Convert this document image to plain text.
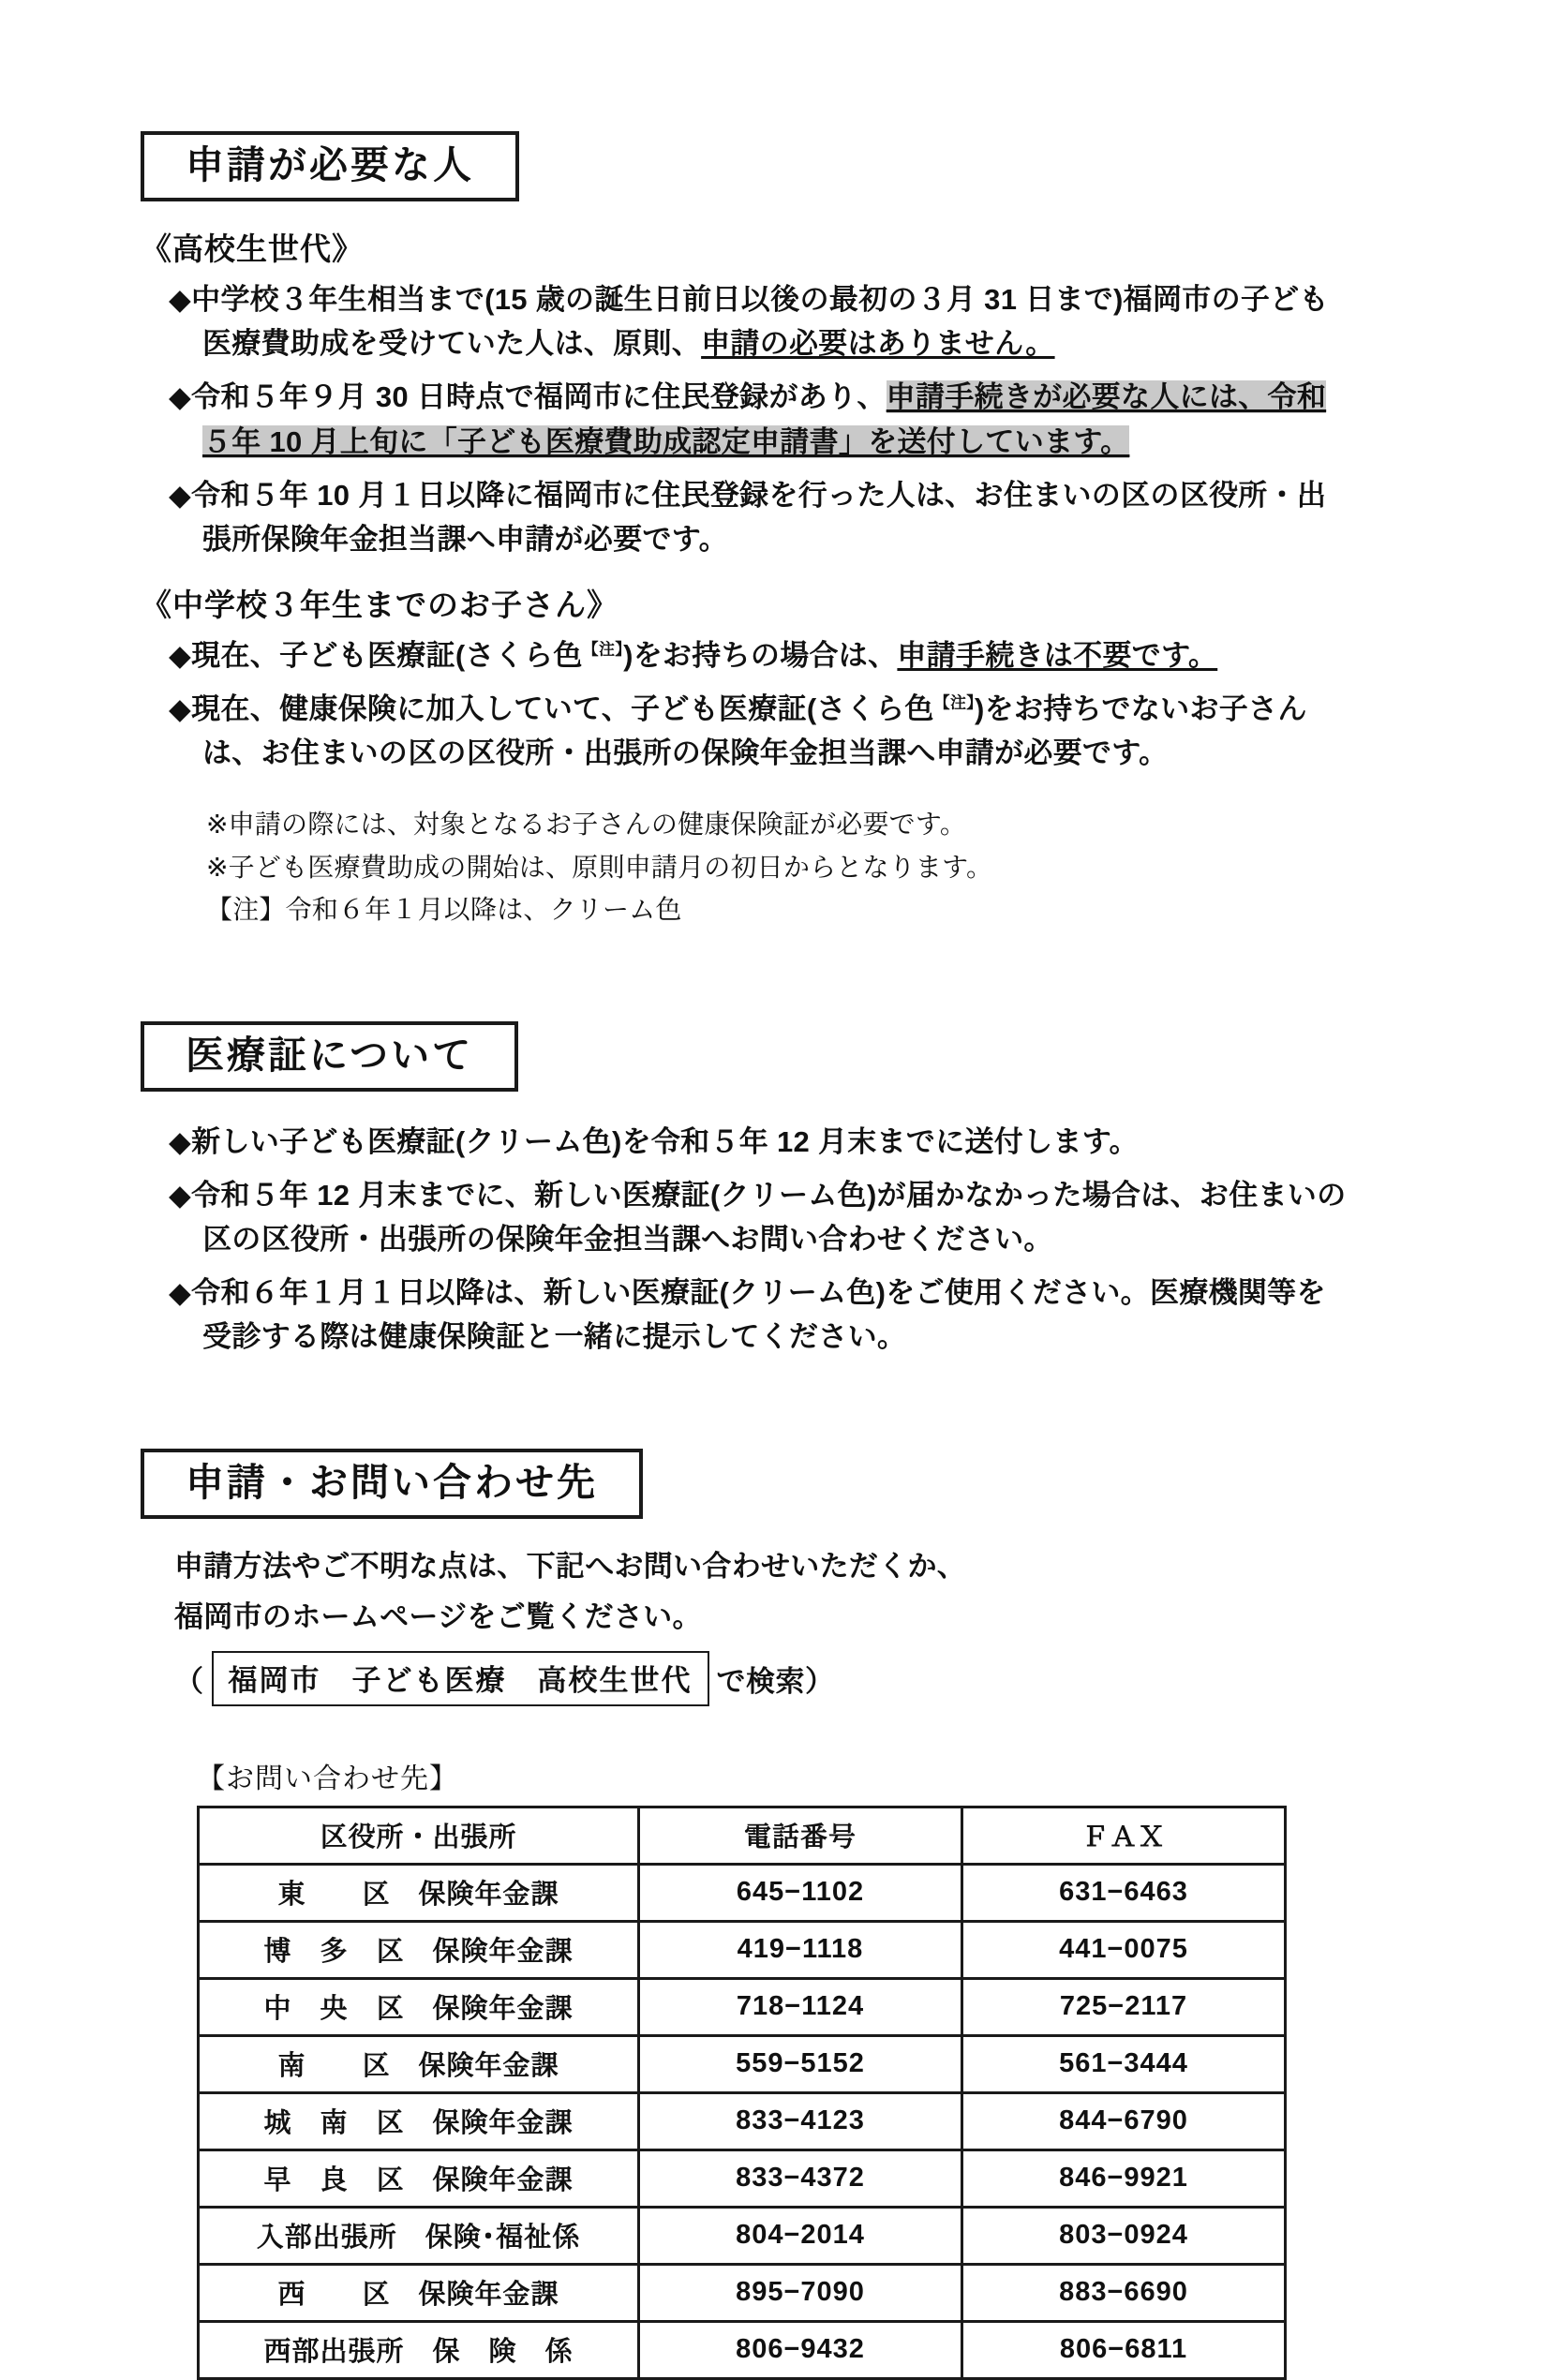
申請が必要な人
《高校生世代》

◆中学校３年生相当まで(15 歳の誕生日前日以後の最初の３月 31 日まで)福岡市の子ども医療費助成を受けていた人は、原則、申請の必要はありません。

◆令和５年９月 30 日時点で福岡市に住民登録があり、申請手続きが必要な人には、令和５年 10 月上旬に「子ども医療費助成認定申請書」を送付しています。

◆令和５年 10 月１日以降に福岡市に住民登録を行った人は、お住まいの区の区役所・出張所保険年金担当課へ申請が必要です。

《中学校３年生までのお子さん》

◆現在、子ども医療証(さくら色$^{【注】}$)をお持ちの場合は、申請手続きは不要です。

◆現在、健康保険に加入していて、子ども医療証(さくら色$^{【注】}$)をお持ちでないお子さんは、お住まいの区の区役所・出張所の保険年金担当課へ申請が必要です。

※申請の際には、対象となるお子さんの健康保険証が必要です。

※子ども医療費助成の開始は、原則申請月の初日からとなります。

【注】令和６年１月以降は、クリーム色

医療証について

◆新しい子ども医療証(クリーム色)を令和５年 12 月末までに送付します。

◆令和５年 12 月末までに、新しい医療証(クリーム色)が届かなかった場合は、お住まいの区の区役所・出張所の保険年金担当課へお問い合わせください。

◆令和６年１月１日以降は、新しい医療証(クリーム色)をご使用ください。医療機関等を受診する際は健康保険証と一緒に提示してください。

申請・お問い合わせ先

申請方法やご不明な点は、下記へお問い合わせいただくか、

福岡市のホームページをご覧ください。

（ 福岡市　子ども医療　高校生世代 で検索）
【お問い合わせ先】
区役所・出張所	電話番号	ＦＡＸ
東　　区　保険年金課	645−1102	631−6463
博　多　区　保険年金課	419−1118	441−0075
中　央　区　保険年金課	718−1124	725−2117
南　　区　保険年金課	559−5152	561−3444
城　南　区　保険年金課	833−4123	844−6790
早　良　区　保険年金課	833−4372	846−9921
入部出張所　保険･福祉係	804−2014	803−0924
西　　区　保険年金課	895−7090	883−6690
西部出張所　保　険　係	806−9432	806−6811
